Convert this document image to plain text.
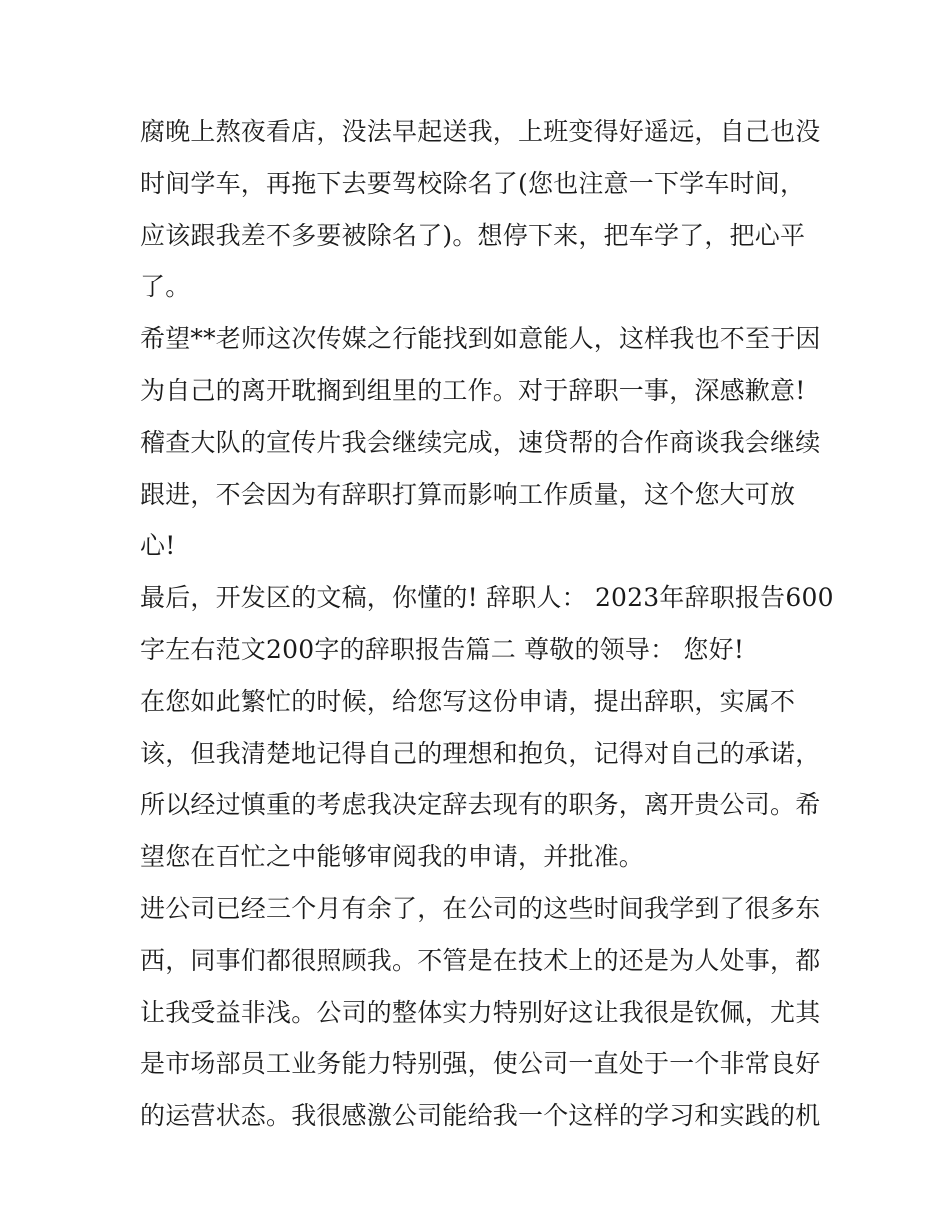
腐晚上熬夜看店，没法早起送我，上班变得好遥远，自己也没
时间学车，再拖下去要驾校除名了(您也注意一下学车时间，
应该跟我差不多要被除名了)。想停下来，把车学了，把心平
了。
希望**老师这次传媒之行能找到如意能人，这样我也不至于因
为自己的离开耽搁到组里的工作。对于辞职一事，深感歉意!
稽查大队的宣传片我会继续完成，速贷帮的合作商谈我会继续
跟进，不会因为有辞职打算而影响工作质量，这个您大可放
心!
最后，开发区的文稿，你懂的! 辞职人： 2023年辞职报告600
字左右范文200字的辞职报告篇二 尊敬的领导： 您好!
在您如此繁忙的时候，给您写这份申请，提出辞职，实属不
该，但我清楚地记得自己的理想和抱负，记得对自己的承诺，
所以经过慎重的考虑我决定辞去现有的职务，离开贵公司。希
望您在百忙之中能够审阅我的申请，并批准。
进公司已经三个月有余了，在公司的这些时间我学到了很多东
西，同事们都很照顾我。不管是在技术上的还是为人处事，都
让我受益非浅。公司的整体实力特别好这让我很是钦佩，尤其
是市场部员工业务能力特别强，使公司一直处于一个非常良好
的运营状态。我很感激公司能给我一个这样的学习和实践的机
